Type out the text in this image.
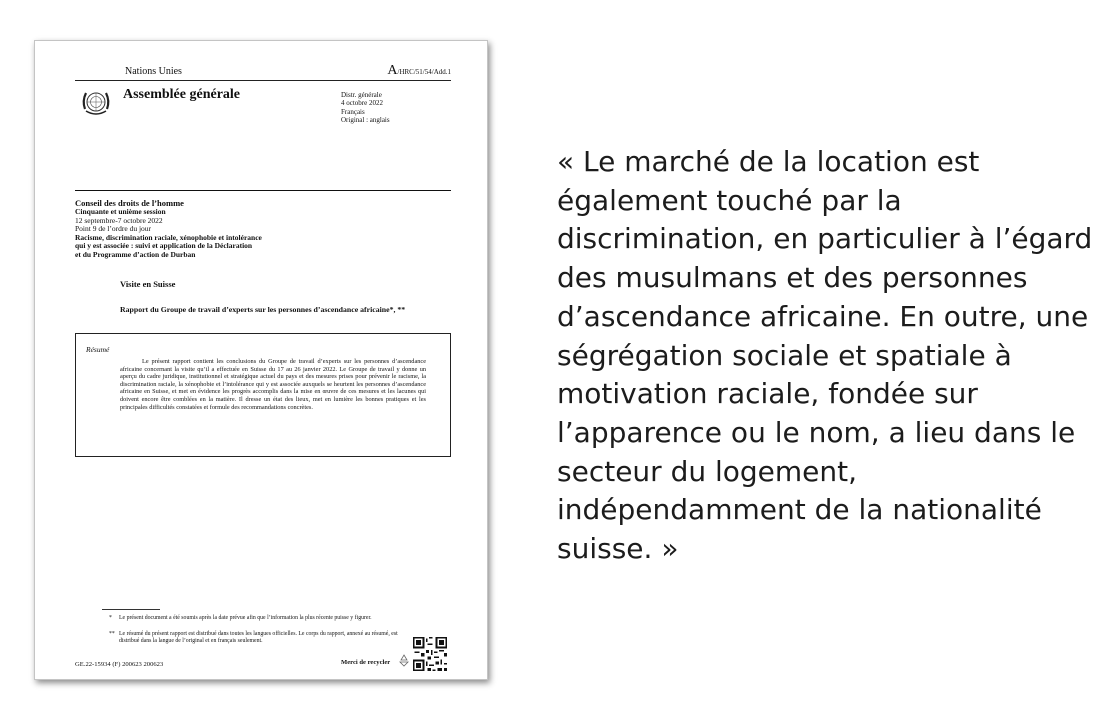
Nations Unies	A/HRC/51/54/Add.1
Assemblée générale	Distr. générale
4 octobre 2022
Français
Original : anglais
Conseil des droits de l’homme
Cinquante et unième session
12 septembre-7 octobre 2022
Point 9 de l’ordre du jour
Racisme, discrimination raciale, xénophobie et intolérance
qui y est associée : suivi et application de la Déclaration
et du Programme d’action de Durban
Visite en Suisse
Rapport du Groupe de travail d’experts sur les personnes d’ascendance africaine*, **
Résumé
Le présent rapport contient les conclusions du Groupe de travail d’experts sur les personnes d’ascendance africaine concernant la visite qu’il a effectuée en Suisse du 17 au 26 janvier 2022. Le Groupe de travail y donne un aperçu du cadre juridique, institutionnel et stratégique actuel du pays et des mesures prises pour prévenir le racisme, la discrimination raciale, la xénophobie et l’intolérance qui y est associée auxquels se heurtent les personnes d’ascendance africaine en Suisse, et met en évidence les progrès accomplis dans la mise en œuvre de ces mesures et les lacunes qui doivent encore être comblées en la matière. Il dresse un état des lieux, met en lumière les bonnes pratiques et les principales difficultés constatées et formule des recommandations concrètes.
* Le présent document a été soumis après la date prévue afin que l’information la plus récente puisse y figurer.
** Le résumé du présent rapport est distribué dans toutes les langues officielles. Le corps du rapport, annexé au résumé, est distribué dans la langue de l’original et en français seulement.
GE.22-15934 (F) 200623 200623	Merci de recycler
« Le marché de la location est également touché par la discrimination, en particulier à l’égard des musulmans et des personnes d’ascendance africaine. En outre, une ségrégation sociale et spatiale à motivation raciale, fondée sur l’apparence ou le nom, a lieu dans le secteur du logement, indépendamment de la nationalité suisse. »
